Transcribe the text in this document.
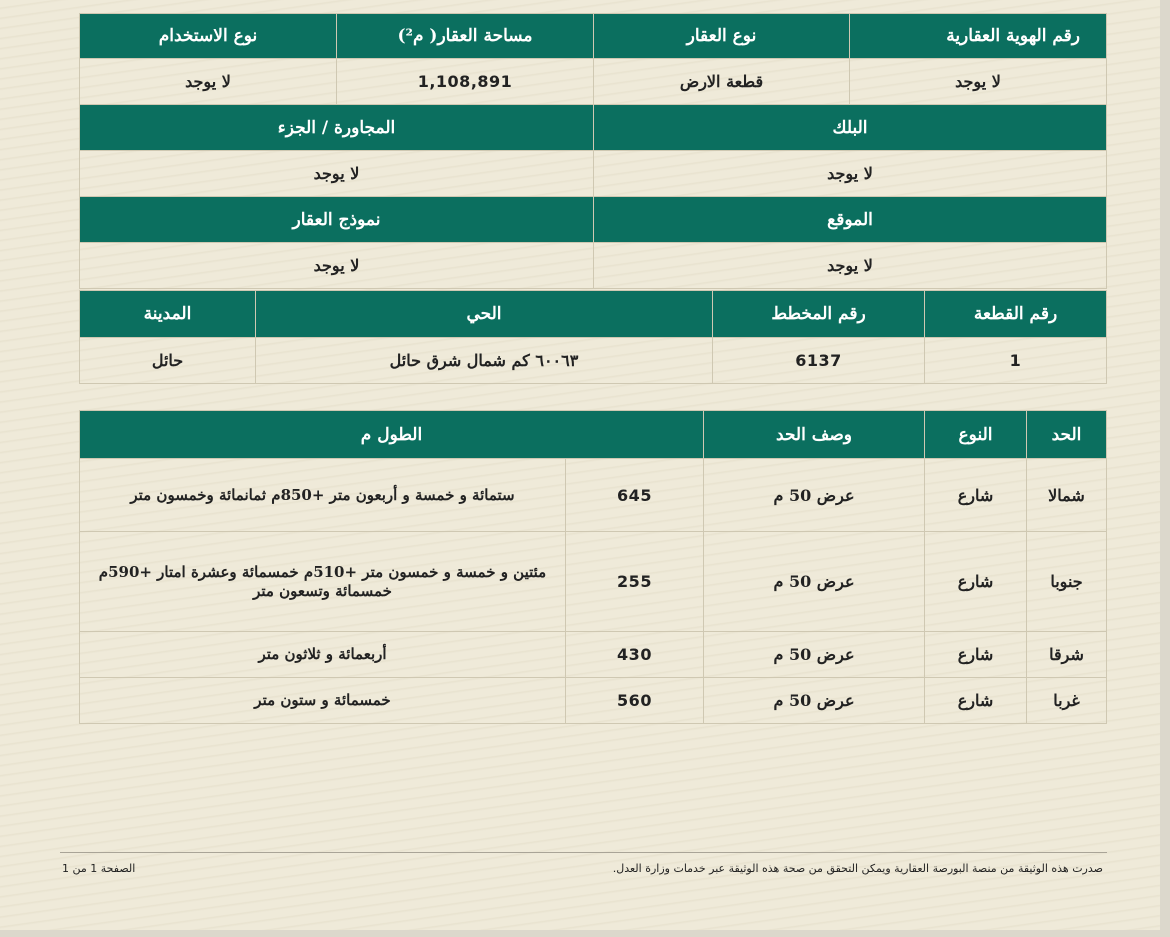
رقم الهوية العقارية	نوع العقار	مساحة العقار( م²)	نوع الاستخدام
لا يوجد	قطعة الارض	1,108,891	لا يوجد
البلك		المجاورة / الجزء	
لا يوجد		لا يوجد	
الموقع		نموذج العقار	
لا يوجد		لا يوجد	
رقم القطعة	رقم المخطط	الحي	المدينة
1	6137	٦٠٠٦٣ كم شمال شرق حائل	حائل
الحد	النوع	وصف الحد	الطول م	
شمالا	شارع	عرض 50 م	645	ستمائة و خمسة و أربعون متر +850م ثمانمائة وخمسون متر
جنوبا	شارع	عرض 50 م	255	مئتين و خمسة و خمسون متر +510م خمسمائة وعشرة امتار +590م خمسمائة وتسعون متر
شرقا	شارع	عرض 50 م	430	أربعمائة و ثلاثون متر
غربا	شارع	عرض 50 م	560	خمسمائة و ستون متر
صدرت هذه الوثيقة من منصة البورصة العقارية ويمكن التحقق من صحة هذه الوثيقة عبر خدمات وزارة العدل.
الصفحة 1 من 1
